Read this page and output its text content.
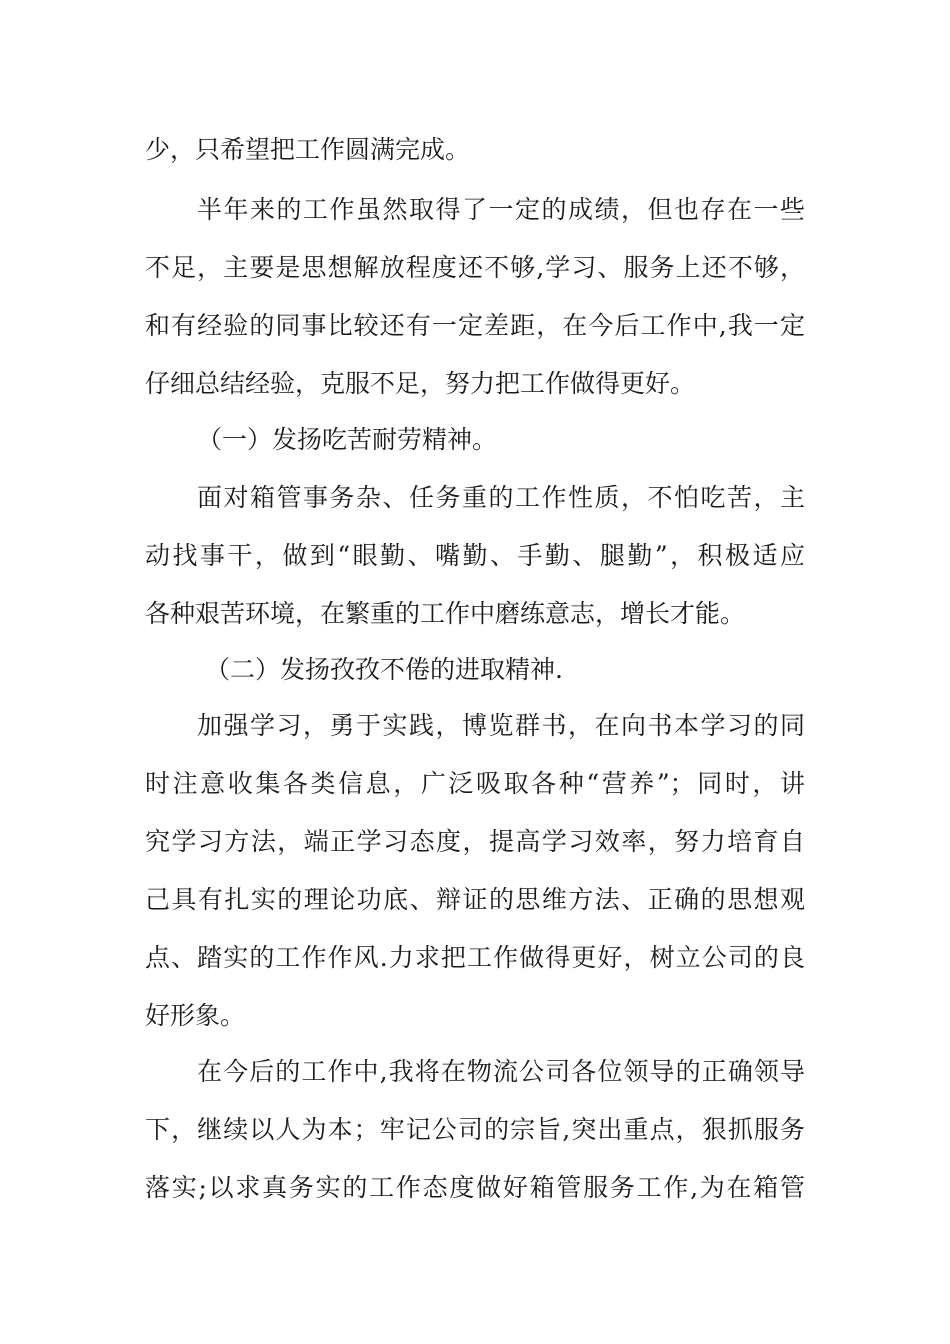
少，只希望把工作圆满完成。
半年来的工作虽然取得了一定的成绩，但也存在一些
不足，主要是思想解放程度还不够,学习、服务上还不够，
和有经验的同事比较还有一定差距，在今后工作中,我一定
仔细总结经验，克服不足，努力把工作做得更好。
（一）发扬吃苦耐劳精神。
面对箱管事务杂、任务重的工作性质，不怕吃苦，主
动找事干，做到“眼勤、嘴勤、手勤、腿勤”，积极适应
各种艰苦环境，在繁重的工作中磨练意志，增长才能。
（二）发扬孜孜不倦的进取精神.
加强学习，勇于实践，博览群书，在向书本学习的同
时注意收集各类信息，广泛吸取各种“营养”；同时，讲
究学习方法，端正学习态度，提高学习效率，努力培育自
己具有扎实的理论功底、辩证的思维方法、正确的思想观
点、踏实的工作作风.力求把工作做得更好，树立公司的良
好形象。
在今后的工作中,我将在物流公司各位领导的正确领导
下，继续以人为本；牢记公司的宗旨,突出重点，狠抓服务
落实;以求真务实的工作态度做好箱管服务工作,为在箱管
